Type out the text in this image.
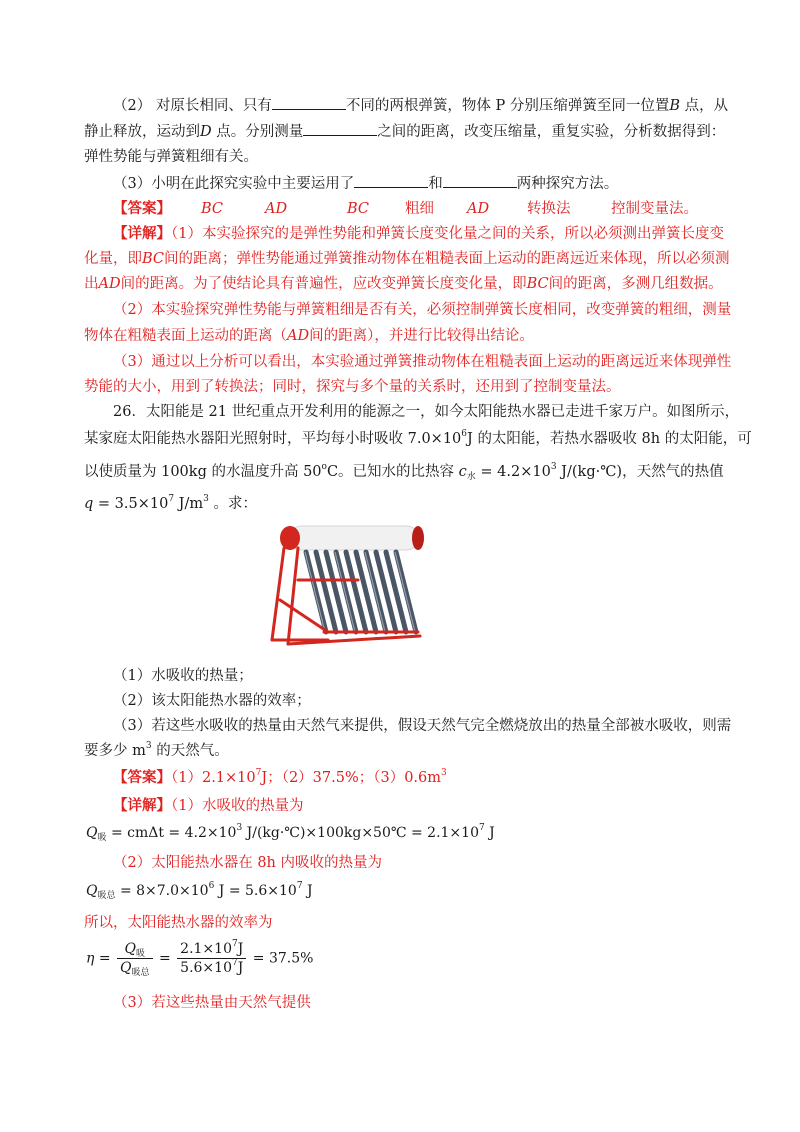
（2） 对原长相同、只有	不同的两根弹簧，物体 P 分别压缩弹簧至同一位置B 点，从
静止释放，运动到D 点。分别测量	之间的距离，改变压缩量，重复实验，分析数据得到：
弹性势能与弹簧粗细有关。
（3）小明在此探究实验中主要运用了	和	两种探究方法。
【答案】 BC	AD	BC 粗细 AD	转换法	控制变量法。
【详解】（1）本实验探究的是弹性势能和弹簧长度变化量之间的关系，所以必须测出弹簧长度变
化量，即BC间的距离；弹性势能通过弹簧推动物体在粗糙表面上运动的距离远近来体现，所以必须测
出AD间的距离。为了使结论具有普遍性，应改变弹簧长度变化量，即BC间的距离，多测几组数据。
（2）本实验探究弹性势能与弹簧粗细是否有关，必须控制弹簧长度相同，改变弹簧的粗细，测量
物体在粗糙表面上运动的距离（AD间的距离），并进行比较得出结论。
（3）通过以上分析可以看出，本实验通过弹簧推动物体在粗糙表面上运动的距离远近来体现弹性
势能的大小，用到了转换法；同时，探究与多个量的关系时，还用到了控制变量法。
26．太阳能是 21 世纪重点开发利用的能源之一，如今太阳能热水器已走进千家万户。如图所示，
某家庭太阳能热水器阳光照射时，平均每小时吸收 $7.0\times 10^6J$ 的太阳能，若热水器吸收 8h 的太阳能，可
以使质量为 100kg 的水温度升高 50$^o$C。已知水的比热容 $c_水 = 4.2\times 10^3$ J/(kg·℃)，天然气的热值
$q = 3.5\times 10^7$ $J/m^3$ 。求：
（1）水吸收的热量；
（2）该太阳能热水器的效率；
（3）若这些水吸收的热量由天然气来提供，假设天然气完全燃烧放出的热量全部被水吸收，则需
要多少 $m^3$ 的天然气。
【答案】$(1)2.1\times 10^7J$；（2）37.5%；$(3)0.6m^3$
【详解】（1）水吸收的热量为
$Q_吸 = cm\Delta t = 4.2\times 10^3$ J/(kg·℃)×100kg×50℃ = $2.1\times 10^7$ J
（2）太阳能热水器在 8h 内吸收的热量为
$Q_{吸总} = 8\times 7.0\times 10^6$ $J = 5.6\times 10^7$ J
所以，太阳能热水器的效率为
$\eta = \frac{Q_吸}{Q_{吸总}} = \frac{2.1\times 10^7J}{5.6\times 10^7J} = 37.5\%$
（3）若这些热量由天然气提供
